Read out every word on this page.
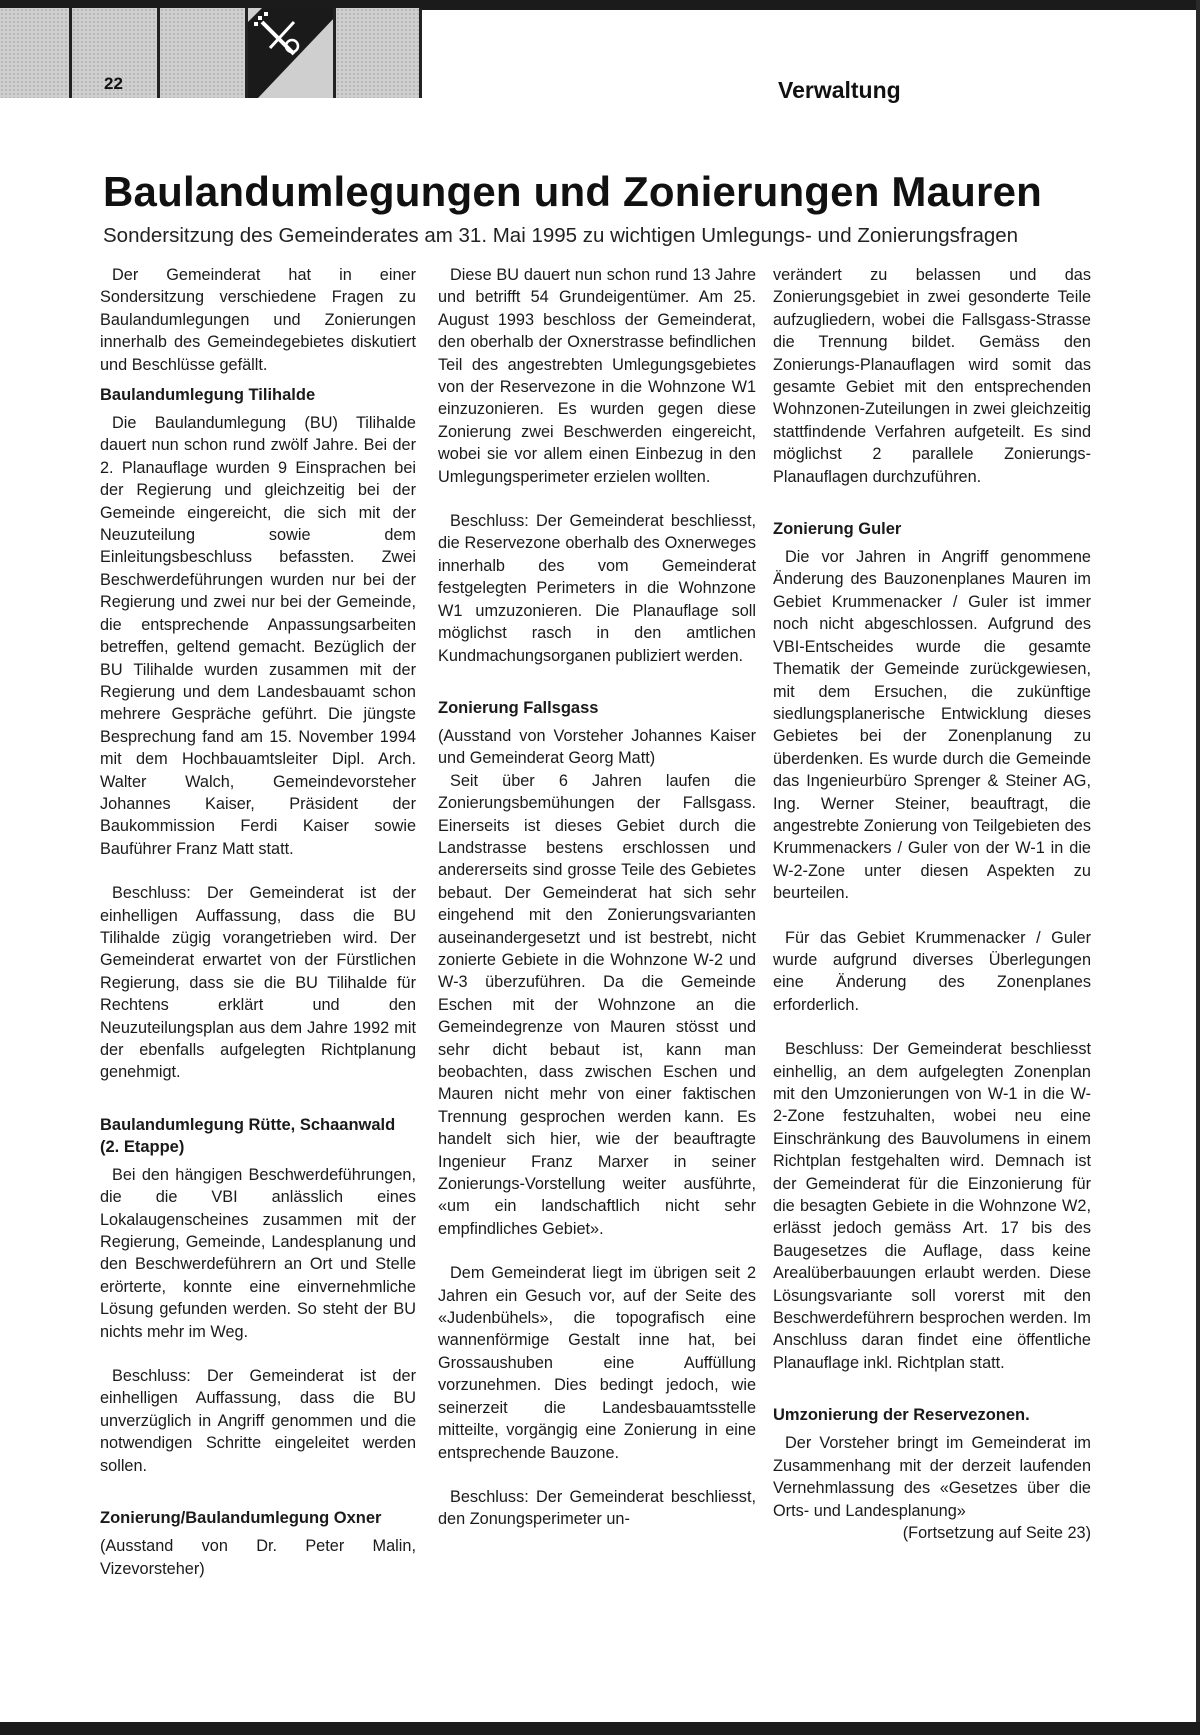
22	Verwaltung
Baulandumlegungen und Zonierungen Mauren

Sondersitzung des Gemeinderates am 31. Mai 1995 zu wichtigen Umlegungs- und Zonierungsfragen

Der Gemeinderat hat in einer Sondersitzung verschiedene Fragen zu Baulandumlegungen und Zonierungen innerhalb des Gemeindegebietes diskutiert und Beschlüsse gefällt.

Baulandumlegung Tilihalde

Die Baulandumlegung (BU) Tilihalde dauert nun schon rund zwölf Jahre. Bei der 2. Planauflage wurden 9 Einsprachen bei der Regierung und gleichzeitig bei der Gemeinde eingereicht, die sich mit der Neuzuteilung sowie dem Einleitungsbeschluss befassten. Zwei Beschwerdeführungen wurden nur bei der Regierung und zwei nur bei der Gemeinde, die entsprechende Anpassungsarbeiten betreffen, geltend gemacht. Bezüglich der BU Tilihalde wurden zusammen mit der Regierung und dem Landesbauamt schon mehrere Gespräche geführt. Die jüngste Besprechung fand am 15. November 1994 mit dem Hochbauamtsleiter Dipl. Arch. Walter Walch, Gemeindevorsteher Johannes Kaiser, Präsident der Baukommission Ferdi Kaiser sowie Bauführer Franz Matt statt.

Beschluss: Der Gemeinderat ist der einhelligen Auffassung, dass die BU Tilihalde zügig vorangetrieben wird. Der Gemeinderat erwartet von der Fürstlichen Regierung, dass sie die BU Tilihalde für Rechtens erklärt und den Neuzuteilungsplan aus dem Jahre 1992 mit der ebenfalls aufgelegten Richtplanung genehmigt.

Baulandumlegung Rütte, Schaanwald (2. Etappe)

Bei den hängigen Beschwerdeführungen, die die VBI anlässlich eines Lokalaugenscheines zusammen mit der Regierung, Gemeinde, Landesplanung und den Beschwerdeführern an Ort und Stelle erörterte, konnte eine einvernehmliche Lösung gefunden werden. So steht der BU nichts mehr im Weg.

Beschluss: Der Gemeinderat ist der einhelligen Auffassung, dass die BU unverzüglich in Angriff genommen und die notwendigen Schritte eingeleitet werden sollen.

Zonierung/Baulandumlegung Oxner

(Ausstand von Dr. Peter Malin, Vizevorsteher)

Diese BU dauert nun schon rund 13 Jahre und betrifft 54 Grundeigentümer. Am 25. August 1993 beschloss der Gemeinderat, den oberhalb der Oxnerstrasse befindlichen Teil des angestrebten Umlegungsgebietes von der Reservezone in die Wohnzone W1 einzuzonieren. Es wurden gegen diese Zonierung zwei Beschwerden eingereicht, wobei sie vor allem einen Einbezug in den Umlegungsperimeter erzielen wollten.

Beschluss: Der Gemeinderat beschliesst, die Reservezone oberhalb des Oxnerweges innerhalb des vom Gemeinderat festgelegten Perimeters in die Wohnzone W1 umzuzonieren. Die Planauflage soll möglichst rasch in den amtlichen Kundmachungsorganen publiziert werden.

Zonierung Fallsgass

(Ausstand von Vorsteher Johannes Kaiser und Gemeinderat Georg Matt)

Seit über 6 Jahren laufen die Zonierungsbemühungen der Fallsgass. Einerseits ist dieses Gebiet durch die Landstrasse bestens erschlossen und andererseits sind grosse Teile des Gebietes bebaut. Der Gemeinderat hat sich sehr eingehend mit den Zonierungsvarianten auseinandergesetzt und ist bestrebt, nicht zonierte Gebiete in die Wohnzone W-2 und W-3 überzuführen. Da die Gemeinde Eschen mit der Wohnzone an die Gemeindegrenze von Mauren stösst und sehr dicht bebaut ist, kann man beobachten, dass zwischen Eschen und Mauren nicht mehr von einer faktischen Trennung gesprochen werden kann. Es handelt sich hier, wie der beauftragte Ingenieur Franz Marxer in seiner Zonierungs-Vorstellung weiter ausführte, «um ein landschaftlich nicht sehr empfindliches Gebiet».

Dem Gemeinderat liegt im übrigen seit 2 Jahren ein Gesuch vor, auf der Seite des «Judenbühels», die topografisch eine wannenförmige Gestalt inne hat, bei Grossaushuben eine Auffüllung vorzunehmen. Dies bedingt jedoch, wie seinerzeit die Landesbauamtsstelle mitteilte, vorgängig eine Zonierung in eine entsprechende Bauzone.

Beschluss: Der Gemeinderat beschliesst, den Zonungsperimeter un-

verändert zu belassen und das Zonierungsgebiet in zwei gesonderte Teile aufzugliedern, wobei die Fallsgass-Strasse die Trennung bildet. Gemäss den Zonierungs-Planauflagen wird somit das gesamte Gebiet mit den entsprechenden Wohnzonen-Zuteilungen in zwei gleichzeitig stattfindende Verfahren aufgeteilt. Es sind möglichst 2 parallele Zonierungs-Planauflagen durchzuführen.

Zonierung Guler

Die vor Jahren in Angriff genommene Änderung des Bauzonenplanes Mauren im Gebiet Krummenacker / Guler ist immer noch nicht abgeschlossen. Aufgrund des VBI-Entscheides wurde die gesamte Thematik der Gemeinde zurückgewiesen, mit dem Ersuchen, die zukünftige siedlungsplanerische Entwicklung dieses Gebietes bei der Zonenplanung zu überdenken. Es wurde durch die Gemeinde das Ingenieurbüro Sprenger & Steiner AG, Ing. Werner Steiner, beauftragt, die angestrebte Zonierung von Teilgebieten des Krummenackers / Guler von der W-1 in die W-2-Zone unter diesen Aspekten zu beurteilen.

Für das Gebiet Krummenacker / Guler wurde aufgrund diverses Überlegungen eine Änderung des Zonenplanes erforderlich.

Beschluss: Der Gemeinderat beschliesst einhellig, an dem aufgelegten Zonenplan mit den Umzonierungen von W-1 in die W-2-Zone festzuhalten, wobei neu eine Einschränkung des Bauvolumens in einem Richtplan festgehalten wird. Demnach ist der Gemeinderat für die Einzonierung für die besagten Gebiete in die Wohnzone W2, erlässt jedoch gemäss Art. 17 bis des Baugesetzes die Auflage, dass keine Arealüberbauungen erlaubt werden. Diese Lösungsvariante soll vorerst mit den Beschwerdeführern besprochen werden. Im Anschluss daran findet eine öffentliche Planauflage inkl. Richtplan statt.

Umzonierung der Reservezonen.

Der Vorsteher bringt im Gemeinderat im Zusammenhang mit der derzeit laufenden Vernehmlassung des «Gesetzes über die Orts- und Landesplanung»

(Fortsetzung auf Seite 23)
